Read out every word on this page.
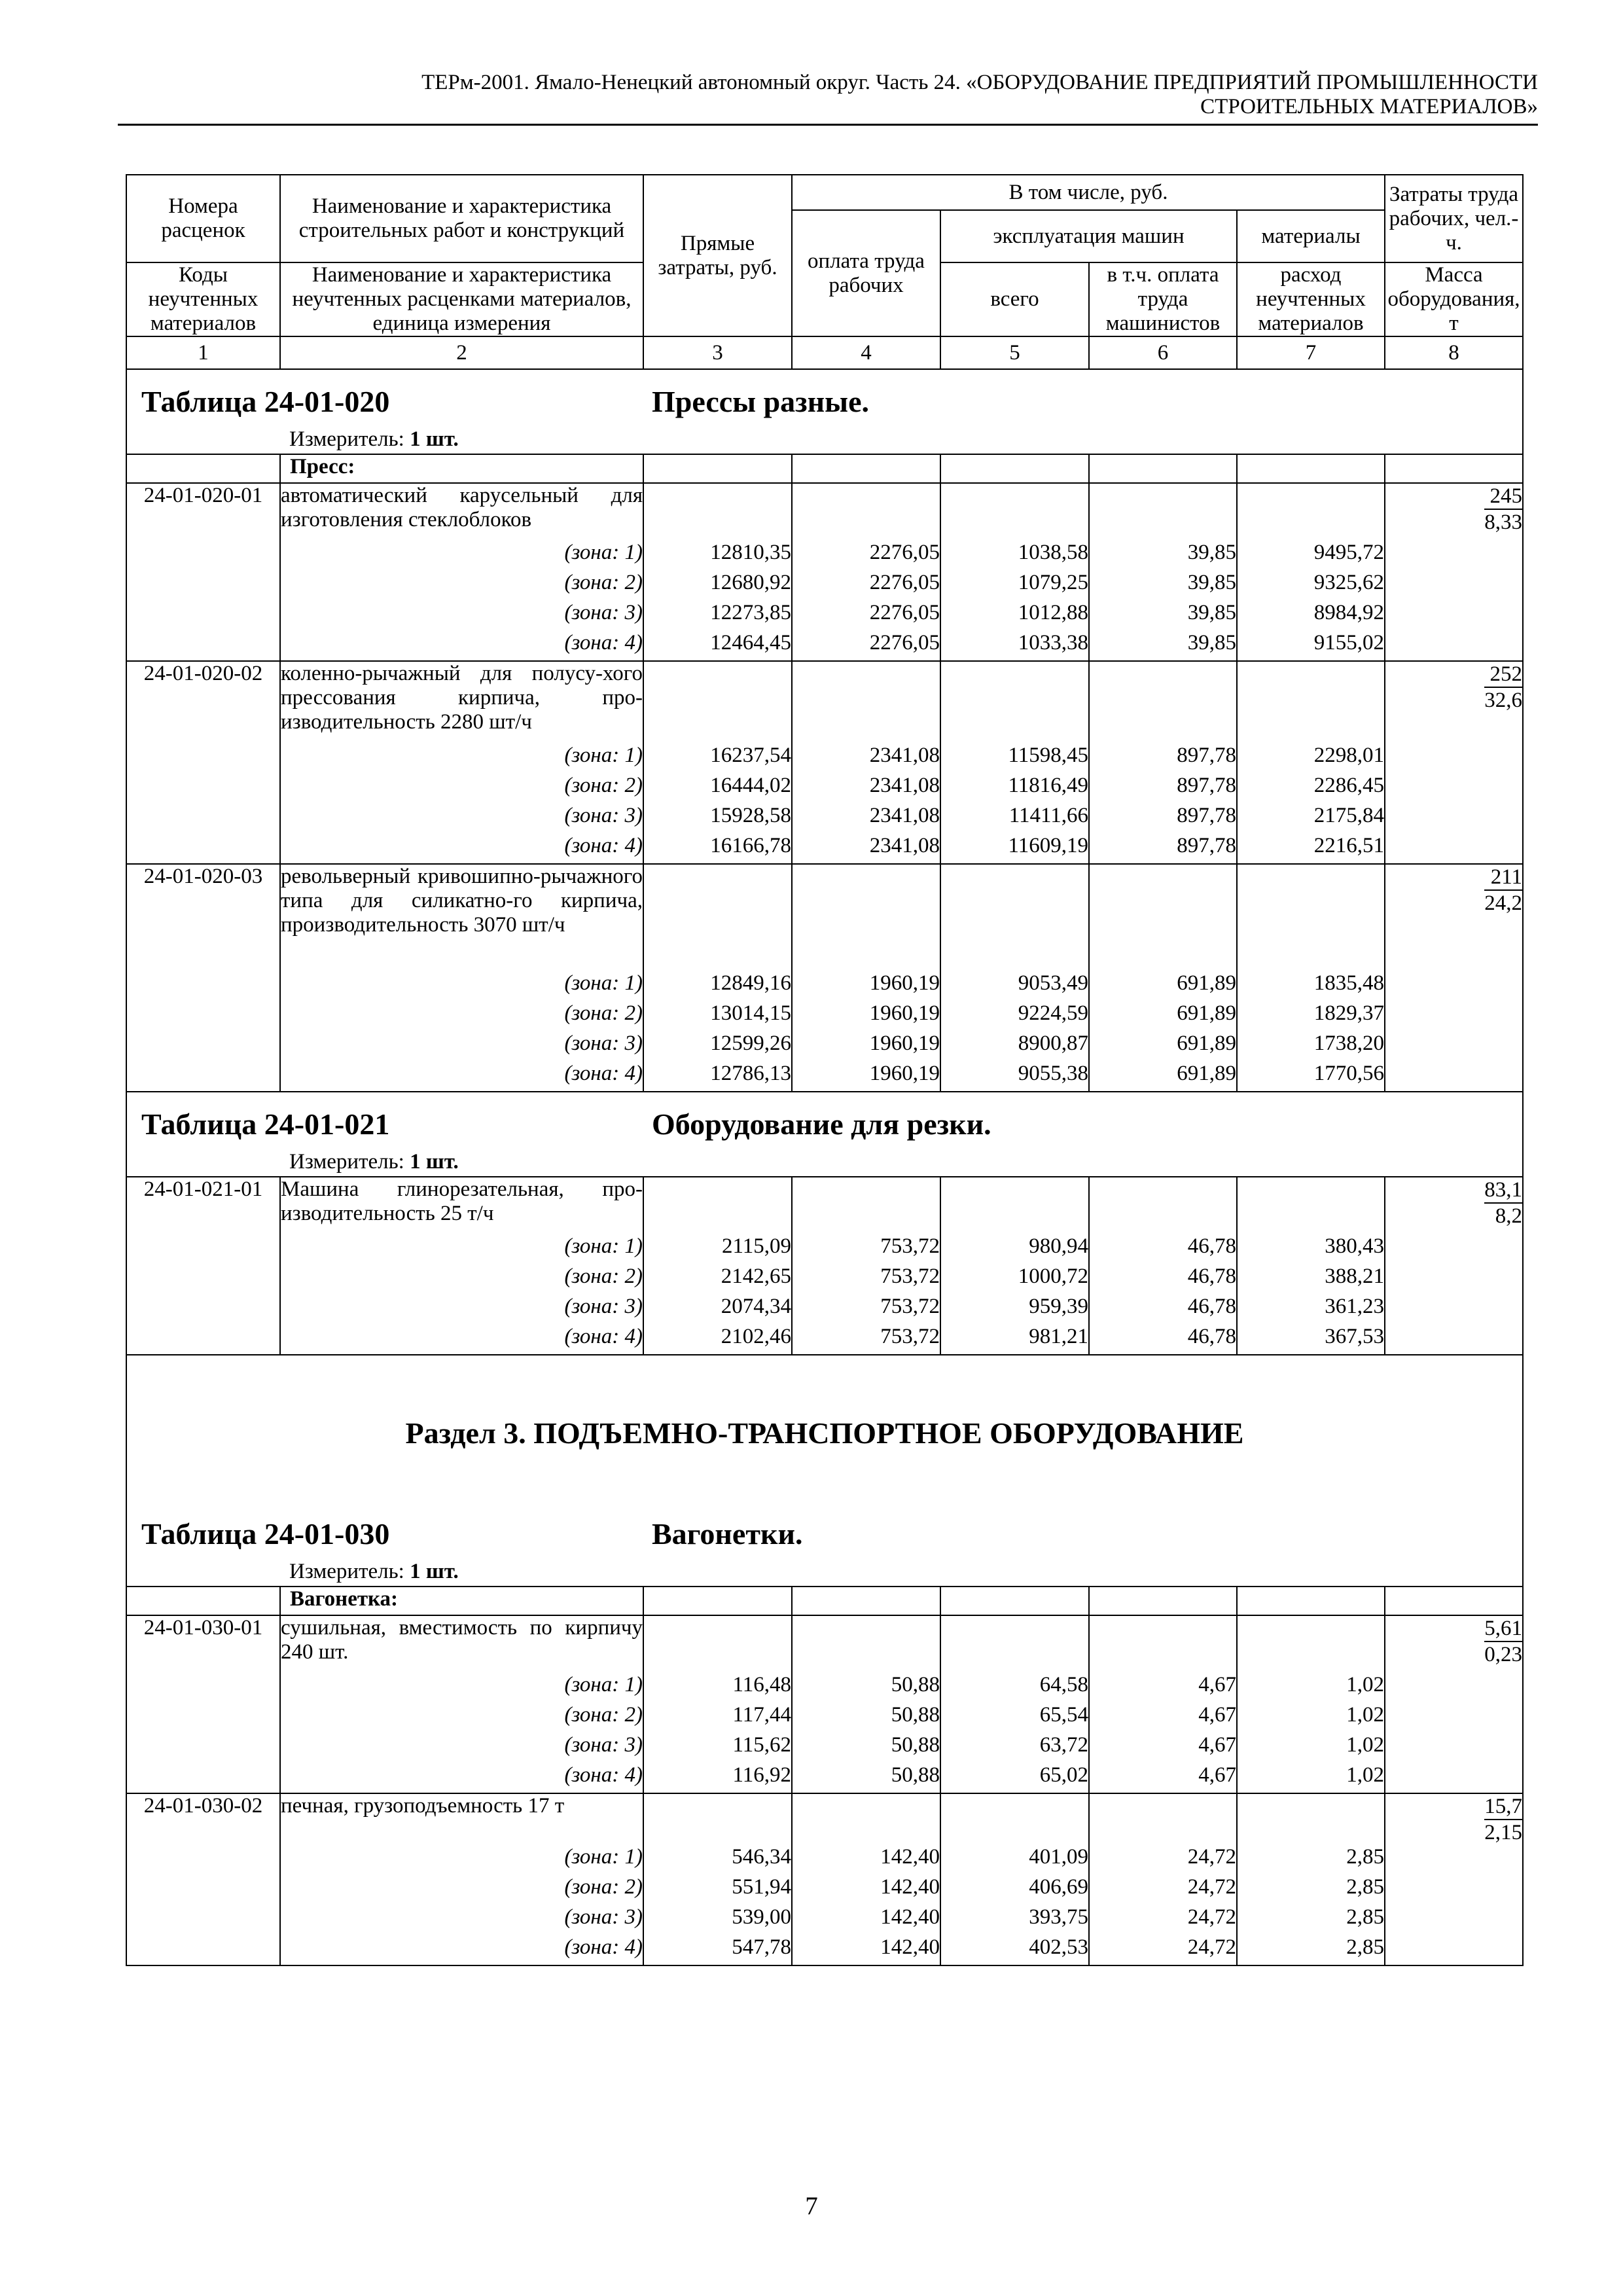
ТЕРм-2001. Ямало-Ненецкий автономный округ. Часть 24. «ОБОРУДОВАНИЕ ПРЕДПРИЯТИЙ ПРОМЫШЛЕННОСТИ
СТРОИТЕЛЬНЫХ МАТЕРИАЛОВ»
Номера расценок	Наименование и характеристика строительных работ и конструкций	Прямые затраты, руб.	В том числе, руб.				Затраты труда рабочих, чел.-ч.
			оплата труда рабочих	эксплуатация машин		материалы	
Коды неучтенных материалов	Наименование и характеристика неучтенных расценками материалов, единица измерения			всего	в т.ч. оплата труда машинистов	расход неучтенных материалов	Масса оборудования, т
1	2	3	4	5	6	7	8

Таблица 24-01-020 Прессы разные.
Измеритель: 1 шт.							

	Пресс:						
24-01-020-01	автоматический карусельный для изготовления стеклоблоков						$\frac{245}{8,33}$

	(зона: 1)	12810,35	2276,05	1038,58	39,85	9495,72	
	(зона: 2)	12680,92	2276,05	1079,25	39,85	9325,62	
	(зона: 3)	12273,85	2276,05	1012,88	39,85	8984,92	
	(зона: 4)	12464,45	2276,05	1033,38	39,85	9155,02	
24-01-020-02	коленно-рычажный для полусу-хого прессования кирпича, про-изводительность 2280 шт/ч						$\frac{252}{32,6}$

	(зона: 1)	16237,54	2341,08	11598,45	897,78	2298,01	
	(зона: 2)	16444,02	2341,08	11816,49	897,78	2286,45	
	(зона: 3)	15928,58	2341,08	11411,66	897,78	2175,84	
	(зона: 4)	16166,78	2341,08	11609,19	897,78	2216,51	
24-01-020-03	револьверный кривошипно-рычажного типа для силикатно-го кирпича, производительность 3070 шт/ч						$\frac{211}{24,2}$

	(зона: 1)	12849,16	1960,19	9053,49	691,89	1835,48	
	(зона: 2)	13014,15	1960,19	9224,59	691,89	1829,37	
	(зона: 3)	12599,26	1960,19	8900,87	691,89	1738,20	
	(зона: 4)	12786,13	1960,19	9055,38	691,89	1770,56	

Таблица 24-01-021 Оборудование для резки.
Измеритель: 1 шт.							

24-01-021-01	Машина глинорезательная, про-изводительность 25 т/ч						$\frac{83,1}{8,2}$

	(зона: 1)	2115,09	753,72	980,94	46,78	380,43	
	(зона: 2)	2142,65	753,72	1000,72	46,78	388,21	
	(зона: 3)	2074,34	753,72	959,39	46,78	361,23	
	(зона: 4)	2102,46	753,72	981,21	46,78	367,53	

Раздел 3. ПОДЪЕМНО-ТРАНСПОРТНОЕ ОБОРУДОВАНИЕ
Таблица 24-01-030 Вагонетки.
Измеритель: 1 шт.							

	Вагонетка:						
24-01-030-01	сушильная, вместимость по кирпичу 240 шт.						$\frac{5,61}{0,23}$

	(зона: 1)	116,48	50,88	64,58	4,67	1,02	
	(зона: 2)	117,44	50,88	65,54	4,67	1,02	
	(зона: 3)	115,62	50,88	63,72	4,67	1,02	
	(зона: 4)	116,92	50,88	65,02	4,67	1,02	
24-01-030-02	печная, грузоподъемность 17 т						$\frac{15,7}{2,15}$

	(зона: 1)	546,34	142,40	401,09	24,72	2,85	
	(зона: 2)	551,94	142,40	406,69	24,72	2,85	
	(зона: 3)	539,00	142,40	393,75	24,72	2,85	
	(зона: 4)	547,78	142,40	402,53	24,72	2,85	
7
